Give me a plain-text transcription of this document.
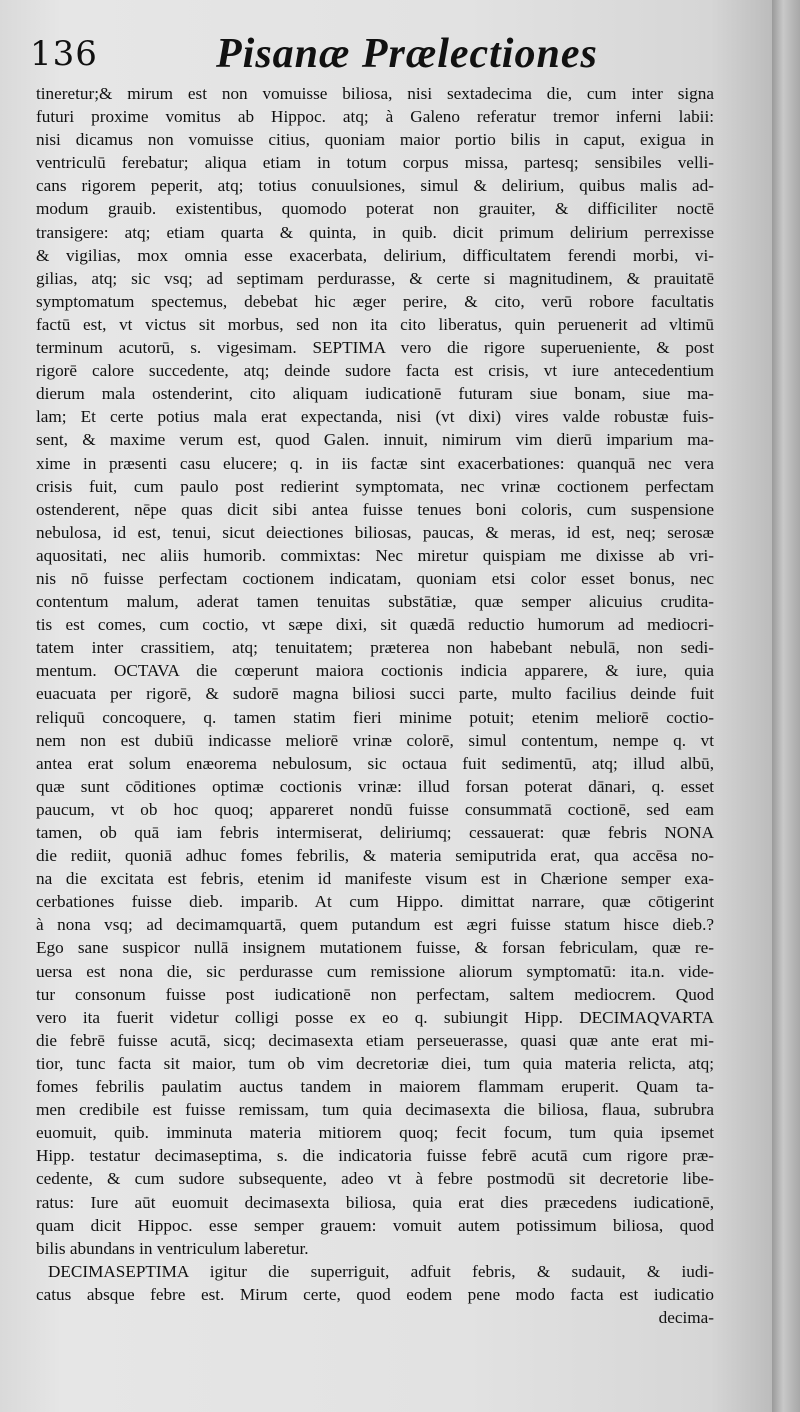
136	Pisanæ Prælectiones
tineretur;& mirum est non vomuisse biliosa, nisi sextadecima die, cum inter signa
futuri proxime vomitus ab Hippoc. atq; à Galeno referatur tremor inferni labii:
nisi dicamus non vomuisse citius, quoniam maior portio bilis in caput, exigua in
ventriculū ferebatur; aliqua etiam in totum corpus missa, partesq; sensibiles velli-
cans rigorem peperit, atq; totius conuulsiones, simul & delirium, quibus malis ad-
modum grauib. existentibus, quomodo poterat non grauiter, & difficiliter noctē
transigere: atq; etiam quarta & quinta, in quib. dicit primum delirium perrexisse
& vigilias, mox omnia esse exacerbata, delirium, difficultatem ferendi morbi, vi-
gilias, atq; sic vsq; ad septimam perdurasse, & certe si magnitudinem, & prauitatē
symptomatum spectemus, debebat hic æger perire, & cito, verū robore facultatis
factū est, vt victus sit morbus, sed non ita cito liberatus, quin peruenerit ad vltimū
terminum acutorū, s. vigesimam. SEPTIMA vero die rigore superueniente, & post
rigorē calore succedente, atq; deinde sudore facta est crisis, vt iure antecedentium
dierum mala ostenderint, cito aliquam iudicationē futuram siue bonam, siue ma-
lam; Et certe potius mala erat expectanda, nisi (vt dixi) vires valde robustæ fuis-
sent, & maxime verum est, quod Galen. innuit, nimirum vim dierū imparium ma-
xime in præsenti casu elucere; q. in iis factæ sint exacerbationes: quanquā nec vera
crisis fuit, cum paulo post redierint symptomata, nec vrinæ coctionem perfectam
ostenderent, nēpe quas dicit sibi antea fuisse tenues boni coloris, cum suspensione
nebulosa, id est, tenui, sicut deiectiones biliosas, paucas, & meras, id est, neq; serosæ
aquositati, nec aliis humorib. commixtas: Nec miretur quispiam me dixisse ab vri-
nis nō fuisse perfectam coctionem indicatam, quoniam etsi color esset bonus, nec
contentum malum, aderat tamen tenuitas substātiæ, quæ semper alicuius crudita-
tis est comes, cum coctio, vt sæpe dixi, sit quædā reductio humorum ad mediocri-
tatem inter crassitiem, atq; tenuitatem; præterea non habebant nebulā, non sedi-
mentum. OCTAVA die cœperunt maiora coctionis indicia apparere, & iure, quia
euacuata per rigorē, & sudorē magna biliosi succi parte, multo facilius deinde fuit
reliquū concoquere, q. tamen statim fieri minime potuit; etenim meliorē coctio-
nem non est dubiū indicasse meliorē vrinæ colorē, simul contentum, nempe q. vt
antea erat solum enæorema nebulosum, sic octaua fuit sedimentū, atq; illud albū,
quæ sunt cōditiones optimæ coctionis vrinæ: illud forsan poterat dānari, q. esset
paucum, vt ob hoc quoq; appareret nondū fuisse consummatā coctionē, sed eam
tamen, ob quā iam febris intermiserat, deliriumq; cessauerat: quæ febris NONA
die rediit, quoniā adhuc fomes febrilis, & materia semiputrida erat, qua accēsa no-
na die excitata est febris, etenim id manifeste visum est in Chærione semper exa-
cerbationes fuisse dieb. imparib. At cum Hippo. dimittat narrare, quæ cōtigerint
à nona vsq; ad decimamquartā, quem putandum est ægri fuisse statum hisce dieb.?
Ego sane suspicor nullā insignem mutationem fuisse, & forsan febriculam, quæ re-
uersa est nona die, sic perdurasse cum remissione aliorum symptomatū: ita.n. vide-
tur consonum fuisse post iudicationē non perfectam, saltem mediocrem. Quod
vero ita fuerit videtur colligi posse ex eo q. subiungit Hipp. DECIMAQVARTA
die febrē fuisse acutā, sicq; decimasexta etiam perseuerasse, quasi quæ ante erat mi-
tior, tunc facta sit maior, tum ob vim decretoriæ diei, tum quia materia relicta, atq;
fomes febrilis paulatim auctus tandem in maiorem flammam eruperit. Quam ta-
men credibile est fuisse remissam, tum quia decimasexta die biliosa, flaua, subrubra
euomuit, quib. imminuta materia mitiorem quoq; fecit focum, tum quia ipsemet
Hipp. testatur decimaseptima, s. die indicatoria fuisse febrē acutā cum rigore præ-
cedente, & cum sudore subsequente, adeo vt à febre postmodū sit decretorie libe-
ratus: Iure aūt euomuit decimasexta biliosa, quia erat dies præcedens iudicationē,
quam dicit Hippoc. esse semper grauem: vomuit autem potissimum biliosa, quod
bilis abundans in ventriculum laberetur.
DECIMASEPTIMA igitur die superriguit, adfuit febris, & sudauit, & iudi-
catus absque febre est. Mirum certe, quod eodem pene modo facta est iudicatio
decima-
